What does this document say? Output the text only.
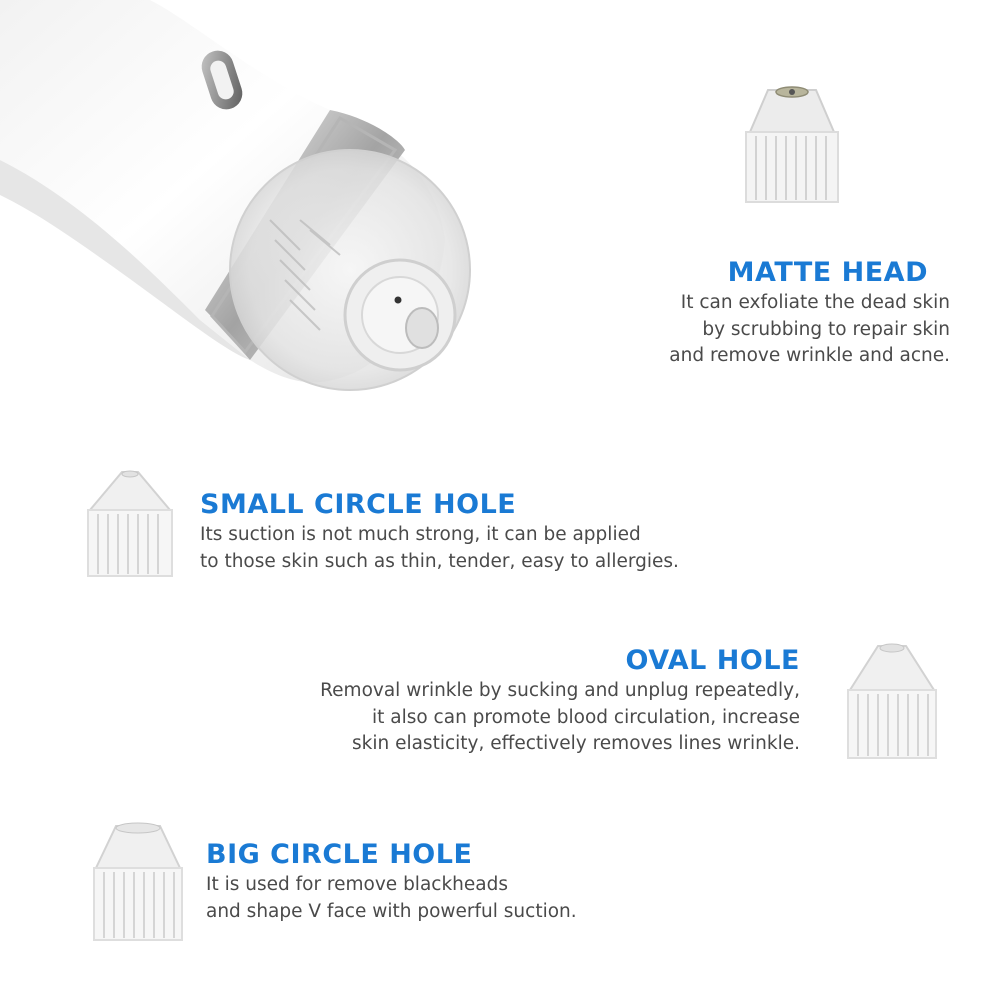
MATTE HEAD
It can exfoliate the dead skin
by scrubbing to repair skin
and remove wrinkle and acne.
SMALL CIRCLE HOLE
Its suction is not much strong, it can be applied
to those skin such as thin, tender, easy to allergies.
OVAL HOLE
Removal wrinkle by sucking and unplug repeatedly,
it also can promote blood circulation, increase
skin elasticity, effectively removes lines wrinkle.
BIG CIRCLE HOLE
It is used for remove blackheads
and shape V face with powerful suction.
